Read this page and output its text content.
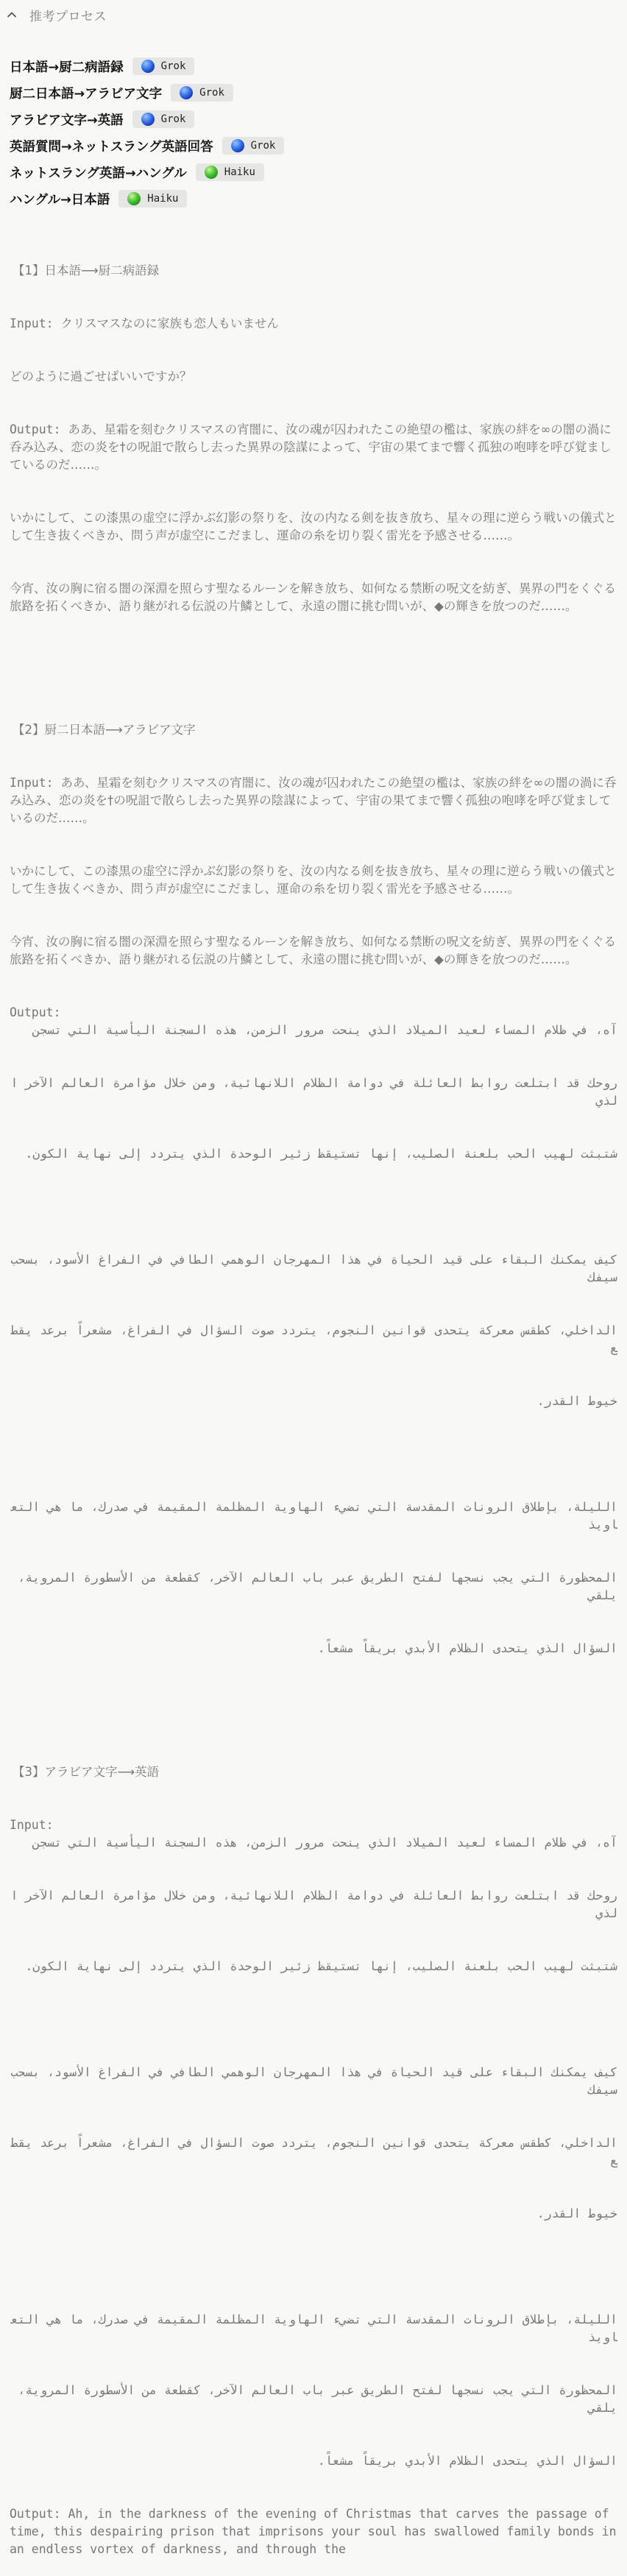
推考プロセス
日本語→厨二病語録	Grok
厨二日本語→アラビア文字	Grok
アラビア文字→英語	Grok
英語質問→ネットスラング英語回答	Grok
ネットスラング英語→ハングル	Haiku
ハングル→日本語	Haiku

【1】日本語⟶厨二病語録

Input: クリスマスなのに家族も恋人もいません

どのように過ごせばいいですか？

Output: ああ、星霜を刻むクリスマスの宵闇に、汝の魂が囚われたこの絶望の檻は、家族の絆を∞の闇の渦に呑み込み、恋の炎を†の呪詛で散らし去った異界の陰謀によって、宇宙の果てまで響く孤独の咆哮を呼び覚ましているのだ……。

いかにして、この漆黒の虚空に浮かぶ幻影の祭りを、汝の内なる剣を抜き放ち、星々の理に逆らう戦いの儀式として生き抜くべきか、問う声が虚空にこだまし、運命の糸を切り裂く雷光を予感させる……。

今宵、汝の胸に宿る闇の深淵を照らす聖なるルーンを解き放ち、如何なる禁断の呪文を紡ぎ、異界の門をくぐる旅路を拓くべきか、語り継がれる伝説の片鱗として、永遠の闇に挑む問いが、◆の輝きを放つのだ……。

【2】厨二日本語⟶アラビア文字

Input: ああ、星霜を刻むクリスマスの宵闇に、汝の魂が囚われたこの絶望の檻は、家族の絆を∞の闇の渦に呑み込み、恋の炎を†の呪詛で散らし去った異界の陰謀によって、宇宙の果てまで響く孤独の咆哮を呼び覚ましているのだ……。

いかにして、この漆黒の虚空に浮かぶ幻影の祭りを、汝の内なる剣を抜き放ち、星々の理に逆らう戦いの儀式として生き抜くべきか、問う声が虚空にこだまし、運命の糸を切り裂く雷光を予感させる……。

今宵、汝の胸に宿る闇の深淵を照らす聖なるルーンを解き放ち、如何なる禁断の呪文を紡ぎ、異界の門をくぐる旅路を拓くべきか、語り継がれる伝説の片鱗として、永遠の闇に挑む問いが、◆の輝きを放つのだ……。

Output:

آه، في ظلام المساء لعيد الميلاد الذي ينحت مرور الزمن، هذه السجنة اليأسية التي تسجن

روحك قد ابتلعت روابط العائلة في دوامة الظلام اللانهائية، ومن خلال مؤامرة العالم الآخر الذي

شتبثت لهيب الحب بلعنة الصليب، إنها تستيقظ زئير الوحدة الذي يتردد إلى نهاية الكون.

كيف يمكنك البقاء على قيد الحياة في هذا المهرجان الوهمي الطافي في الفراغ الأسود، بسحب سيفك

الداخلي، كطقس معركة يتحدى قوانين النجوم، يتردد صوت السؤال في الفراغ، مشعراً برعد يقطع

خيوط القدر.

الليلة، بإطلاق الرونات المقدسة التي تضيء الهاوية المظلمة المقيمة في صدرك، ما هي التعاويذ

المحظورة التي يجب نسجها لفتح الطريق عبر باب العالم الآخر، كقطعة من الأسطورة المروية، يلقي

السؤال الذي يتحدى الظلام الأبدي بريقاً مشعاً.

【3】アラビア文字⟶英語

Input:

آه، في ظلام المساء لعيد الميلاد الذي ينحت مرور الزمن، هذه السجنة اليأسية التي تسجن

روحك قد ابتلعت روابط العائلة في دوامة الظلام اللانهائية، ومن خلال مؤامرة العالم الآخر الذي

شتبثت لهيب الحب بلعنة الصليب، إنها تستيقظ زئير الوحدة الذي يتردد إلى نهاية الكون.

كيف يمكنك البقاء على قيد الحياة في هذا المهرجان الوهمي الطافي في الفراغ الأسود، بسحب سيفك

الداخلي، كطقس معركة يتحدى قوانين النجوم، يتردد صوت السؤال في الفراغ، مشعراً برعد يقطع

خيوط القدر.

الليلة، بإطلاق الرونات المقدسة التي تضيء الهاوية المظلمة المقيمة في صدرك، ما هي التعاويذ

المحظورة التي يجب نسجها لفتح الطريق عبر باب العالم الآخر، كقطعة من الأسطورة المروية، يلقي

السؤال الذي يتحدى الظلام الأبدي بريقاً مشعاً.

Output: Ah, in the darkness of the evening of Christmas that carves the passage of time, this despairing prison that imprisons your soul has swallowed family bonds in an endless vortex of darkness, and through the
